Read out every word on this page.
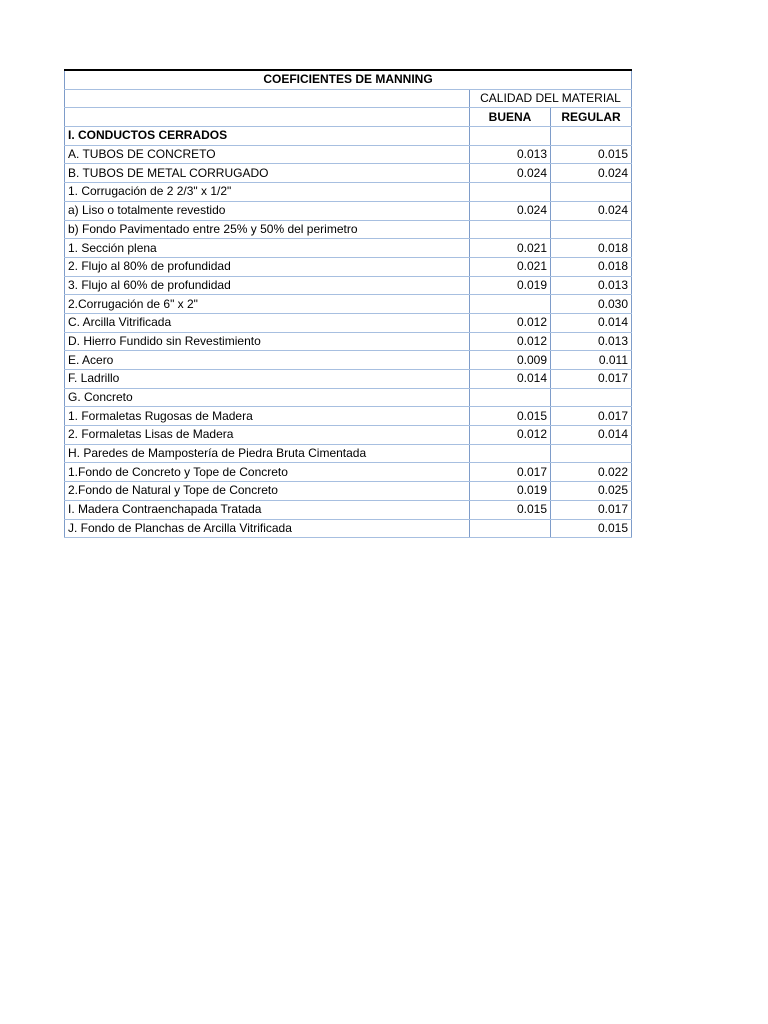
COEFICIENTES DE MANNING		
	CALIDAD DEL MATERIAL	
	BUENA	REGULAR
I. CONDUCTOS CERRADOS		
A. TUBOS DE CONCRETO	0.013	0.015
B. TUBOS DE METAL CORRUGADO	0.024	0.024
1. Corrugación de 2 2/3" x 1/2"		
a) Liso o totalmente revestido	0.024	0.024
b) Fondo Pavimentado entre 25% y 50% del perimetro		
1. Sección plena	0.021	0.018
2. Flujo al 80% de profundidad	0.021	0.018
3. Flujo al 60% de profundidad	0.019	0.013
2.Corrugación de 6" x 2"		0.030
C. Arcilla Vitrificada	0.012	0.014
D. Hierro Fundido sin Revestimiento	0.012	0.013
E. Acero	0.009	0.011
F. Ladrillo	0.014	0.017
G. Concreto		
1. Formaletas Rugosas de Madera	0.015	0.017
2. Formaletas Lisas de Madera	0.012	0.014
H. Paredes de Mampostería de Piedra Bruta Cimentada		
1.Fondo de Concreto y Tope de Concreto	0.017	0.022
2.Fondo de Natural y Tope de Concreto	0.019	0.025
I. Madera Contraenchapada Tratada	0.015	0.017
J. Fondo de Planchas de Arcilla Vitrificada		0.015
